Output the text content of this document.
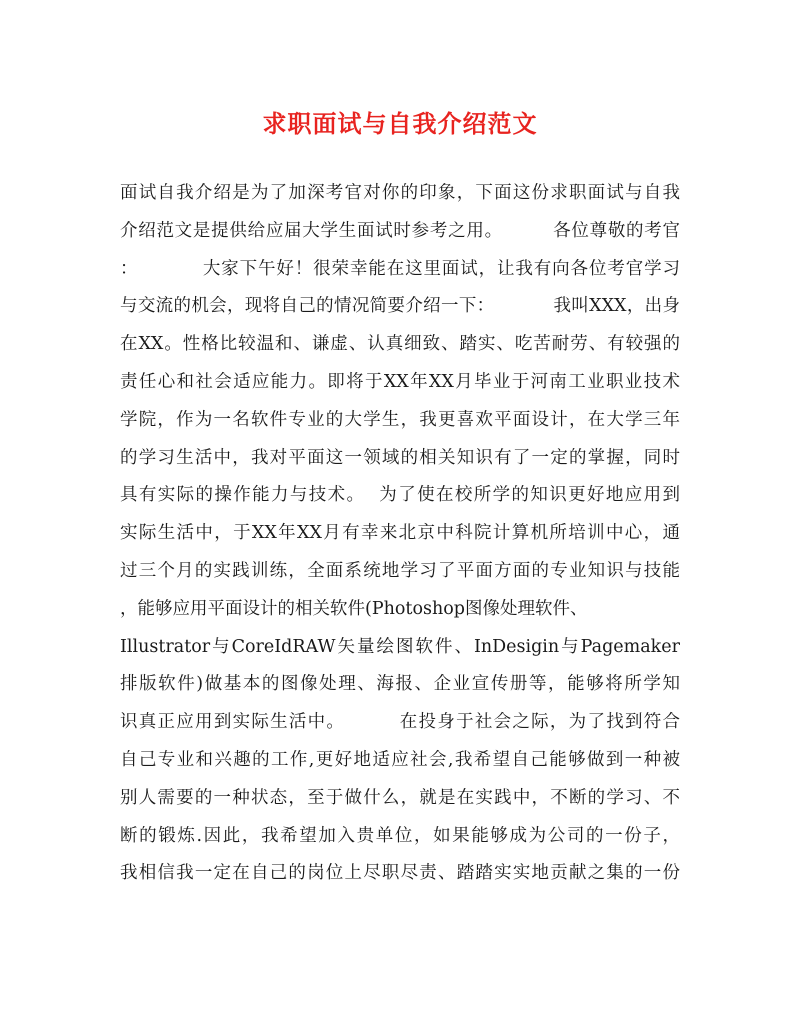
求职面试与自我介绍范文
面试自我介绍是为了加深考官对你的印象，下面这份求职面试与自我
介绍范文是提供给应届大学生面试时参考之用。        各位尊敬的考官
：          大家下午好！很荣幸能在这里面试，让我有向各位考官学习
与交流的机会，现将自己的情况简要介绍一下：          我叫XXX，出身
在XX。性格比较温和、谦虚、认真细致、踏实、吃苦耐劳、有较强的
责任心和社会适应能力。即将于XX年XX月毕业于河南工业职业技术
学院，作为一名软件专业的大学生，我更喜欢平面设计，在大学三年
的学习生活中，我对平面这一领域的相关知识有了一定的掌握，同时
具有实际的操作能力与技术。  为了使在校所学的知识更好地应用到
实际生活中，于XX年XX月有幸来北京中科院计算机所培训中心，通
过三个月的实践训练，全面系统地学习了平面方面的专业知识与技能
，能够应用平面设计的相关软件(Photoshop图像处理软件、
Illustrator与CoreIdRAW矢量绘图软件、InDesigin与Pagemaker
排版软件)做基本的图像处理、海报、企业宣传册等，能够将所学知
识真正应用到实际生活中。        在投身于社会之际，为了找到符合
自己专业和兴趣的工作,更好地适应社会,我希望自己能够做到一种被
别人需要的一种状态，至于做什么，就是在实践中，不断的学习、不
断的锻炼.因此，我希望加入贵单位，如果能够成为公司的一份子，
我相信我一定在自己的岗位上尽职尽责、踏踏实实地贡献之集的一份
